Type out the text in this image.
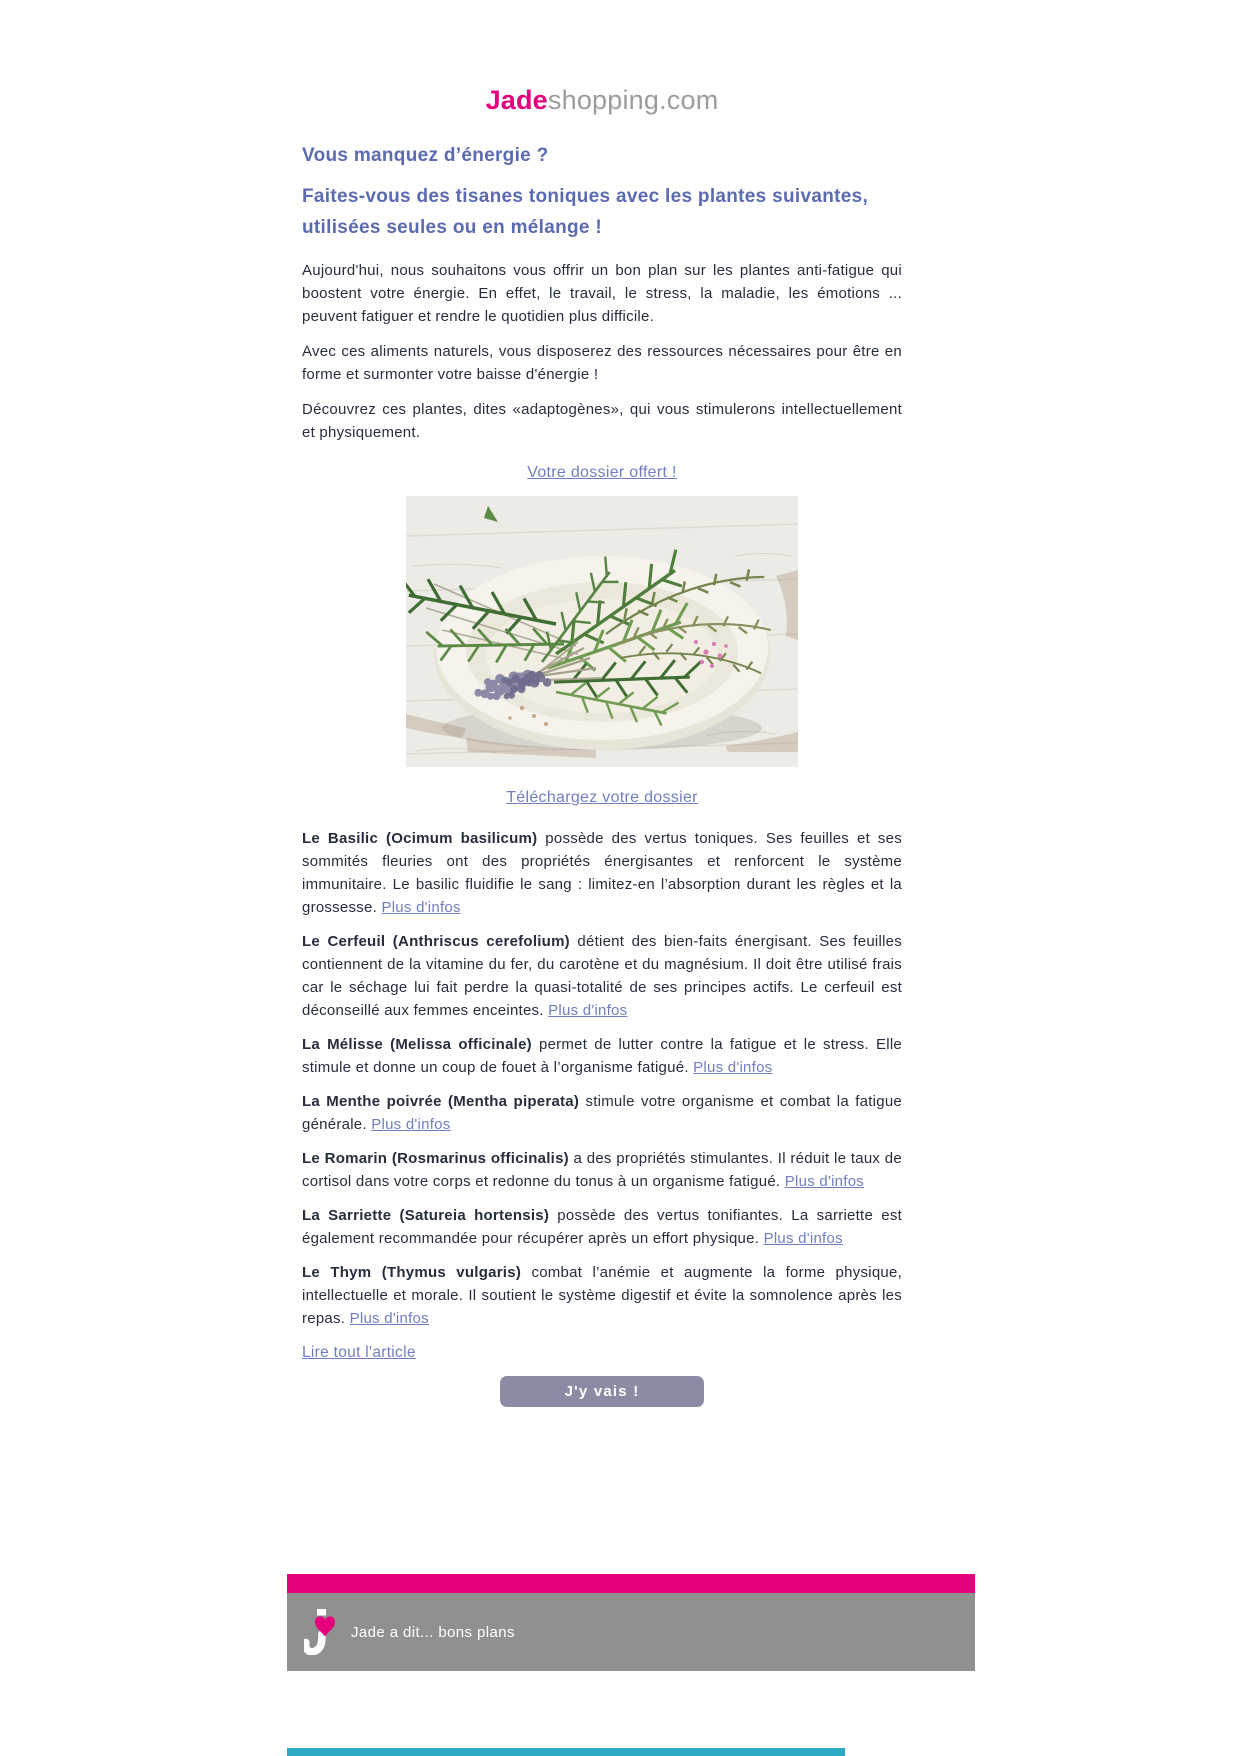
Jadeshopping.com
Vous manquez d’énergie ?
Faites-vous des tisanes toniques avec les plantes suivantes, utilisées seules ou en mélange !

Aujourd'hui, nous souhaitons vous offrir un bon plan sur les plantes anti-fatigue qui boostent votre énergie. En effet, le travail, le stress, la maladie, les émotions ... peuvent fatiguer et rendre le quotidien plus difficile.

Avec ces aliments naturels, vous disposerez des ressources nécessaires pour être en forme et surmonter votre baisse d'énergie !

Découvrez ces plantes, dites «adaptogènes», qui vous stimulerons intellectuellement et physiquement.

Votre dossier offert !
Téléchargez votre dossier

Le Basilic (Ocimum basilicum) possède des vertus toniques. Ses feuilles et ses sommités fleuries ont des propriétés énergisantes et renforcent le système immunitaire. Le basilic fluidifie le sang : limitez-en l’absorption durant les règles et la grossesse. Plus d'infos

Le Cerfeuil (Anthriscus cerefolium) détient des bien-faits énergisant. Ses feuilles contiennent de la vitamine du fer, du carotène et du magnésium. Il doit être utilisé frais car le séchage lui fait perdre la quasi-totalité de ses principes actifs. Le cerfeuil est déconseillé aux femmes enceintes. Plus d'infos

La Mélisse (Melissa officinale) permet de lutter contre la fatigue et le stress. Elle stimule et donne un coup de fouet à l’organisme fatigué. Plus d'infos

La Menthe poivrée (Mentha piperata) stimule votre organisme et combat la fatigue générale. Plus d'infos

Le Romarin (Rosmarinus officinalis) a des propriétés stimulantes. Il réduit le taux de cortisol dans votre corps et redonne du tonus à un organisme fatigué. Plus d'infos

La Sarriette (Satureia hortensis) possède des vertus tonifiantes. La sarriette est également recommandée pour récupérer après un effort physique. Plus d'infos

Le Thym (Thymus vulgaris) combat l’anémie et augmente la forme physique, intellectuelle et morale. Il soutient le système digestif et évite la somnolence après les repas. Plus d'infos

Lire tout l'article
J'y vais !
Jade a dit... bons plans
